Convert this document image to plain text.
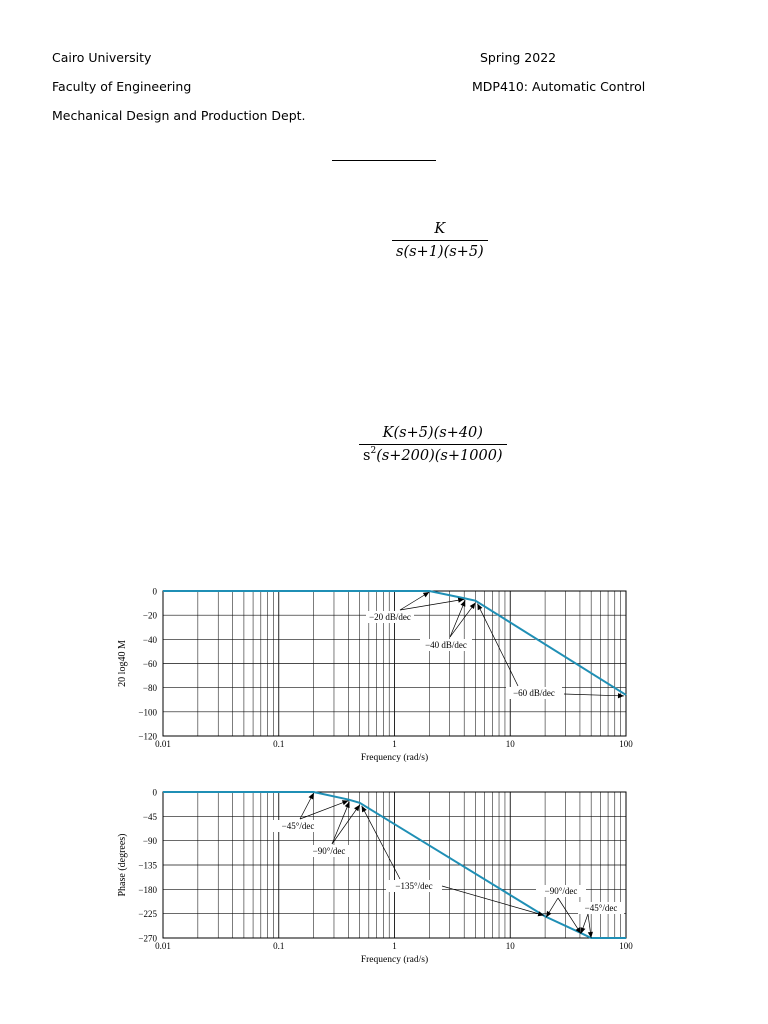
Cairo University
Faculty of Engineering
Mechanical Design and Production Dept.
Spring 2022
MDP410: Automatic Control
$\frac{K}{s(s+1)(s+5)}$
$\frac{K(s+5)(s+40)}{s^2(s+200)(s+1000)}$
0
−20
−40
−60
−80
−100
−120
0.01	0.1	1	10	100
Frequency (rad/s)
20 log40 M
−20 dB/dec
−40 dB/dec
−60 dB/dec
0
−45
−90
−135
−180
−225
−270
0.01	0.1	1	10	100
Frequency (rad/s)
Phase (degrees)
−45°/dec
−90°/dec
−135°/dec	−90°/dec
−45°/dec
